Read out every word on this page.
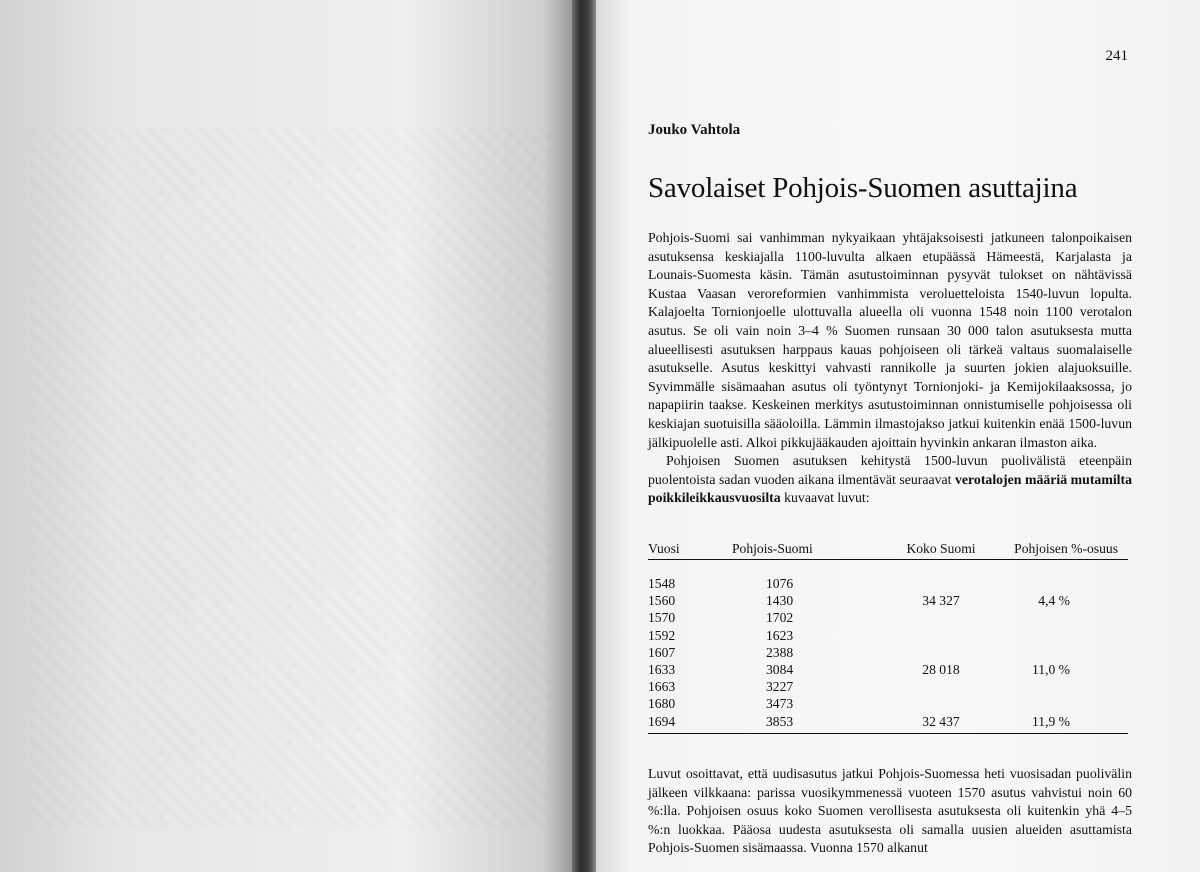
241
Jouko Vahtola
Savolaiset Pohjois-Suomen asuttajina

Pohjois-Suomi sai vanhimman nykyaikaan yhtäjaksoisesti jatkuneen talonpoikaisen asutuksensa keskiajalla 1100-luvulta alkaen etupäässä Hämeestä, Karjalasta ja Lounais-Suomesta käsin. Tämän asutustoiminnan pysyvät tulokset on nähtävissä Kustaa Vaasan veroreformien vanhimmista veroluetteloista 1540-luvun lopulta. Kalajoelta Tornionjoelle ulottuvalla alueella oli vuonna 1548 noin 1100 verotalon asutus. Se oli vain noin 3–4 % Suomen runsaan 30 000 talon asutuksesta mutta alueellisesti asutuksen harppaus kauas pohjoiseen oli tärkeä valtaus suomalaiselle asutukselle. Asutus keskittyi vahvasti rannikolle ja suurten jokien alajuoksuille. Syvimmälle sisämaahan asutus oli työntynyt Tornionjoki- ja Kemijokilaaksossa, jo napapiirin taakse. Keskeinen merkitys asutustoiminnan onnistumiselle pohjoisessa oli keskiajan suotuisilla sääoloilla. Lämmin ilmastojakso jatkui kuitenkin enää 1500-luvun jälkipuolelle asti. Alkoi pikkujääkauden ajoittain hyvinkin ankaran ilmaston aika.

Pohjoisen Suomen asutuksen kehitystä 1500-luvun puolivälistä eteenpäin puolentoista sadan vuoden aikana ilmentävät seuraavat verotalojen määriä mutamilta poikkileikkausvuosilta kuvaavat luvut:

Vuosi	Pohjois-Suomi	Koko Suomi	Pohjoisen %-osuus
1548	1076		
1560	1430	34 327	4,4 %
1570	1702		
1592	1623		
1607	2388		
1633	3084	28 018	11,0 %
1663	3227		
1680	3473		
1694	3853	32 437	11,9 %

Luvut osoittavat, että uudisasutus jatkui Pohjois-Suomessa heti vuosisadan puolivälin jälkeen vilkkaana: parissa vuosikymmenessä vuoteen 1570 asutus vahvistui noin 60 %:lla. Pohjoisen osuus koko Suomen verollisesta asutuksesta oli kuitenkin yhä 4–5 %:n luokkaa. Pääosa uudesta asutuksesta oli samalla uusien alueiden asuttamista Pohjois-Suomen sisämaassa. Vuonna 1570 alkanut
